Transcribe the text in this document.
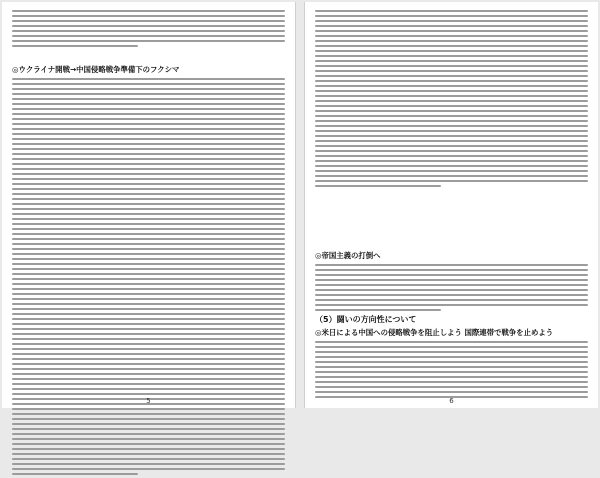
◎ウクライナ開戦→中国侵略戦争準備下のフクシマ
5
◎帝国主義の打倒へ
（5）闘いの方向性について
◎米日による中国への侵略戦争を阻止しよう 国際連帯で戦争を止めよう
6
